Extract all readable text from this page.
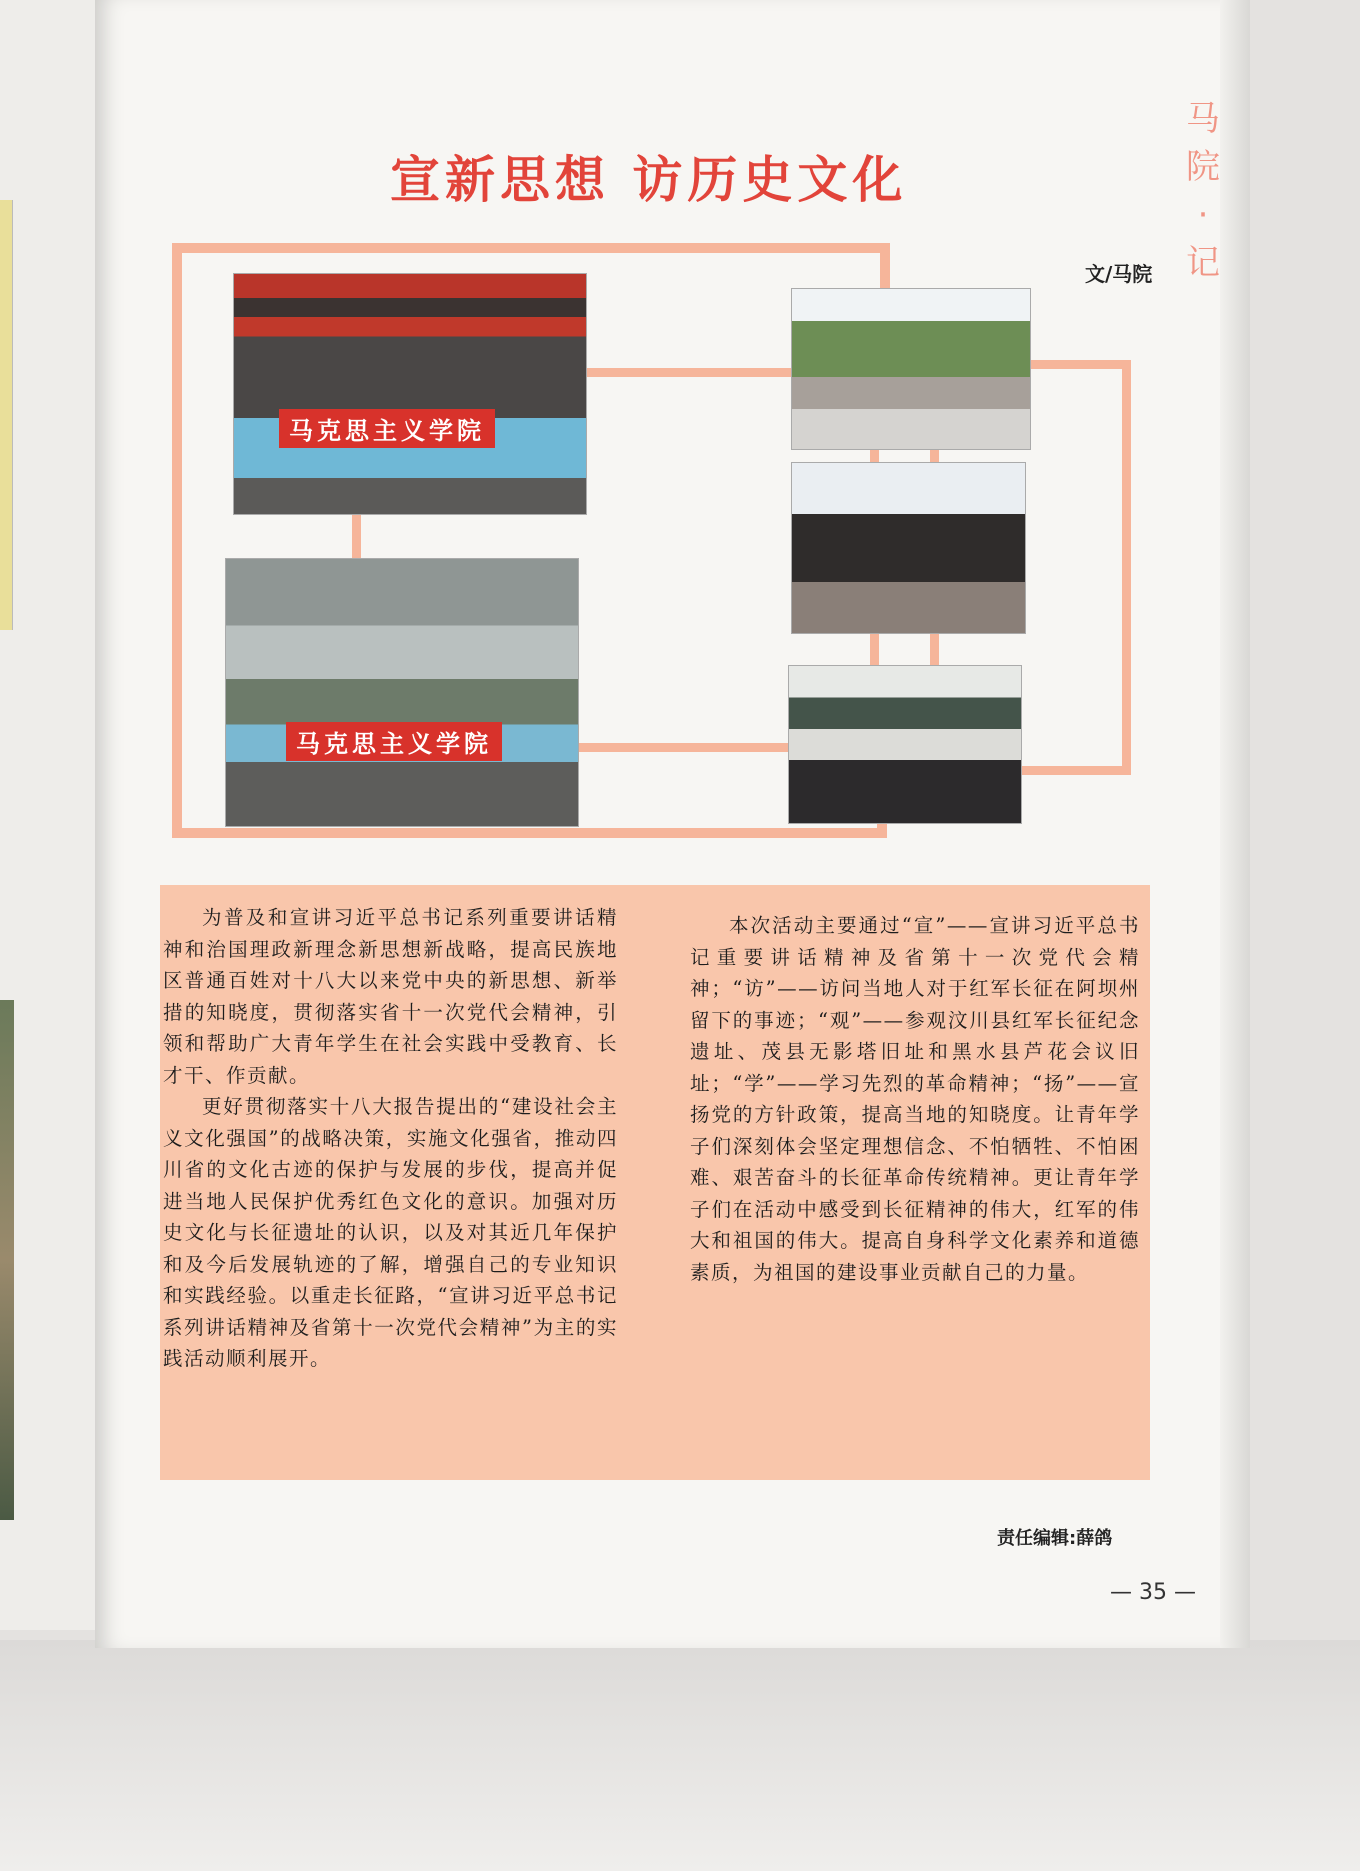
宣新思想 访历史文化
马
院
·
记
文/马院
马克思主义学院
马克思主义学院

为普及和宣讲习近平总书记系列重要讲话精神和治国理政新理念新思想新战略，提高民族地区普通百姓对十八大以来党中央的新思想、新举措的知晓度，贯彻落实省十一次党代会精神，引领和帮助广大青年学生在社会实践中受教育、长才干、作贡献。

更好贯彻落实十八大报告提出的“建设社会主义文化强国”的战略决策，实施文化强省，推动四川省的文化古迹的保护与发展的步伐，提高并促进当地人民保护优秀红色文化的意识。加强对历史文化与长征遗址的认识，以及对其近几年保护和及今后发展轨迹的了解，增强自己的专业知识和实践经验。以重走长征路，“宣讲习近平总书记系列讲话精神及省第十一次党代会精神”为主的实践活动顺利展开。

本次活动主要通过“宣”——宣讲习近平总书记重要讲话精神及省第十一次党代会精神；“访”——访问当地人对于红军长征在阿坝州留下的事迹；“观”——参观汶川县红军长征纪念遗址、茂县无影塔旧址和黑水县芦花会议旧址；“学”——学习先烈的革命精神；“扬”——宣扬党的方针政策，提高当地的知晓度。让青年学子们深刻体会坚定理想信念、不怕牺牲、不怕困难、艰苦奋斗的长征革命传统精神。更让青年学子们在活动中感受到长征精神的伟大，红军的伟大和祖国的伟大。提高自身科学文化素养和道德素质，为祖国的建设事业贡献自己的力量。

责任编辑:薛鸽
— 35 —
